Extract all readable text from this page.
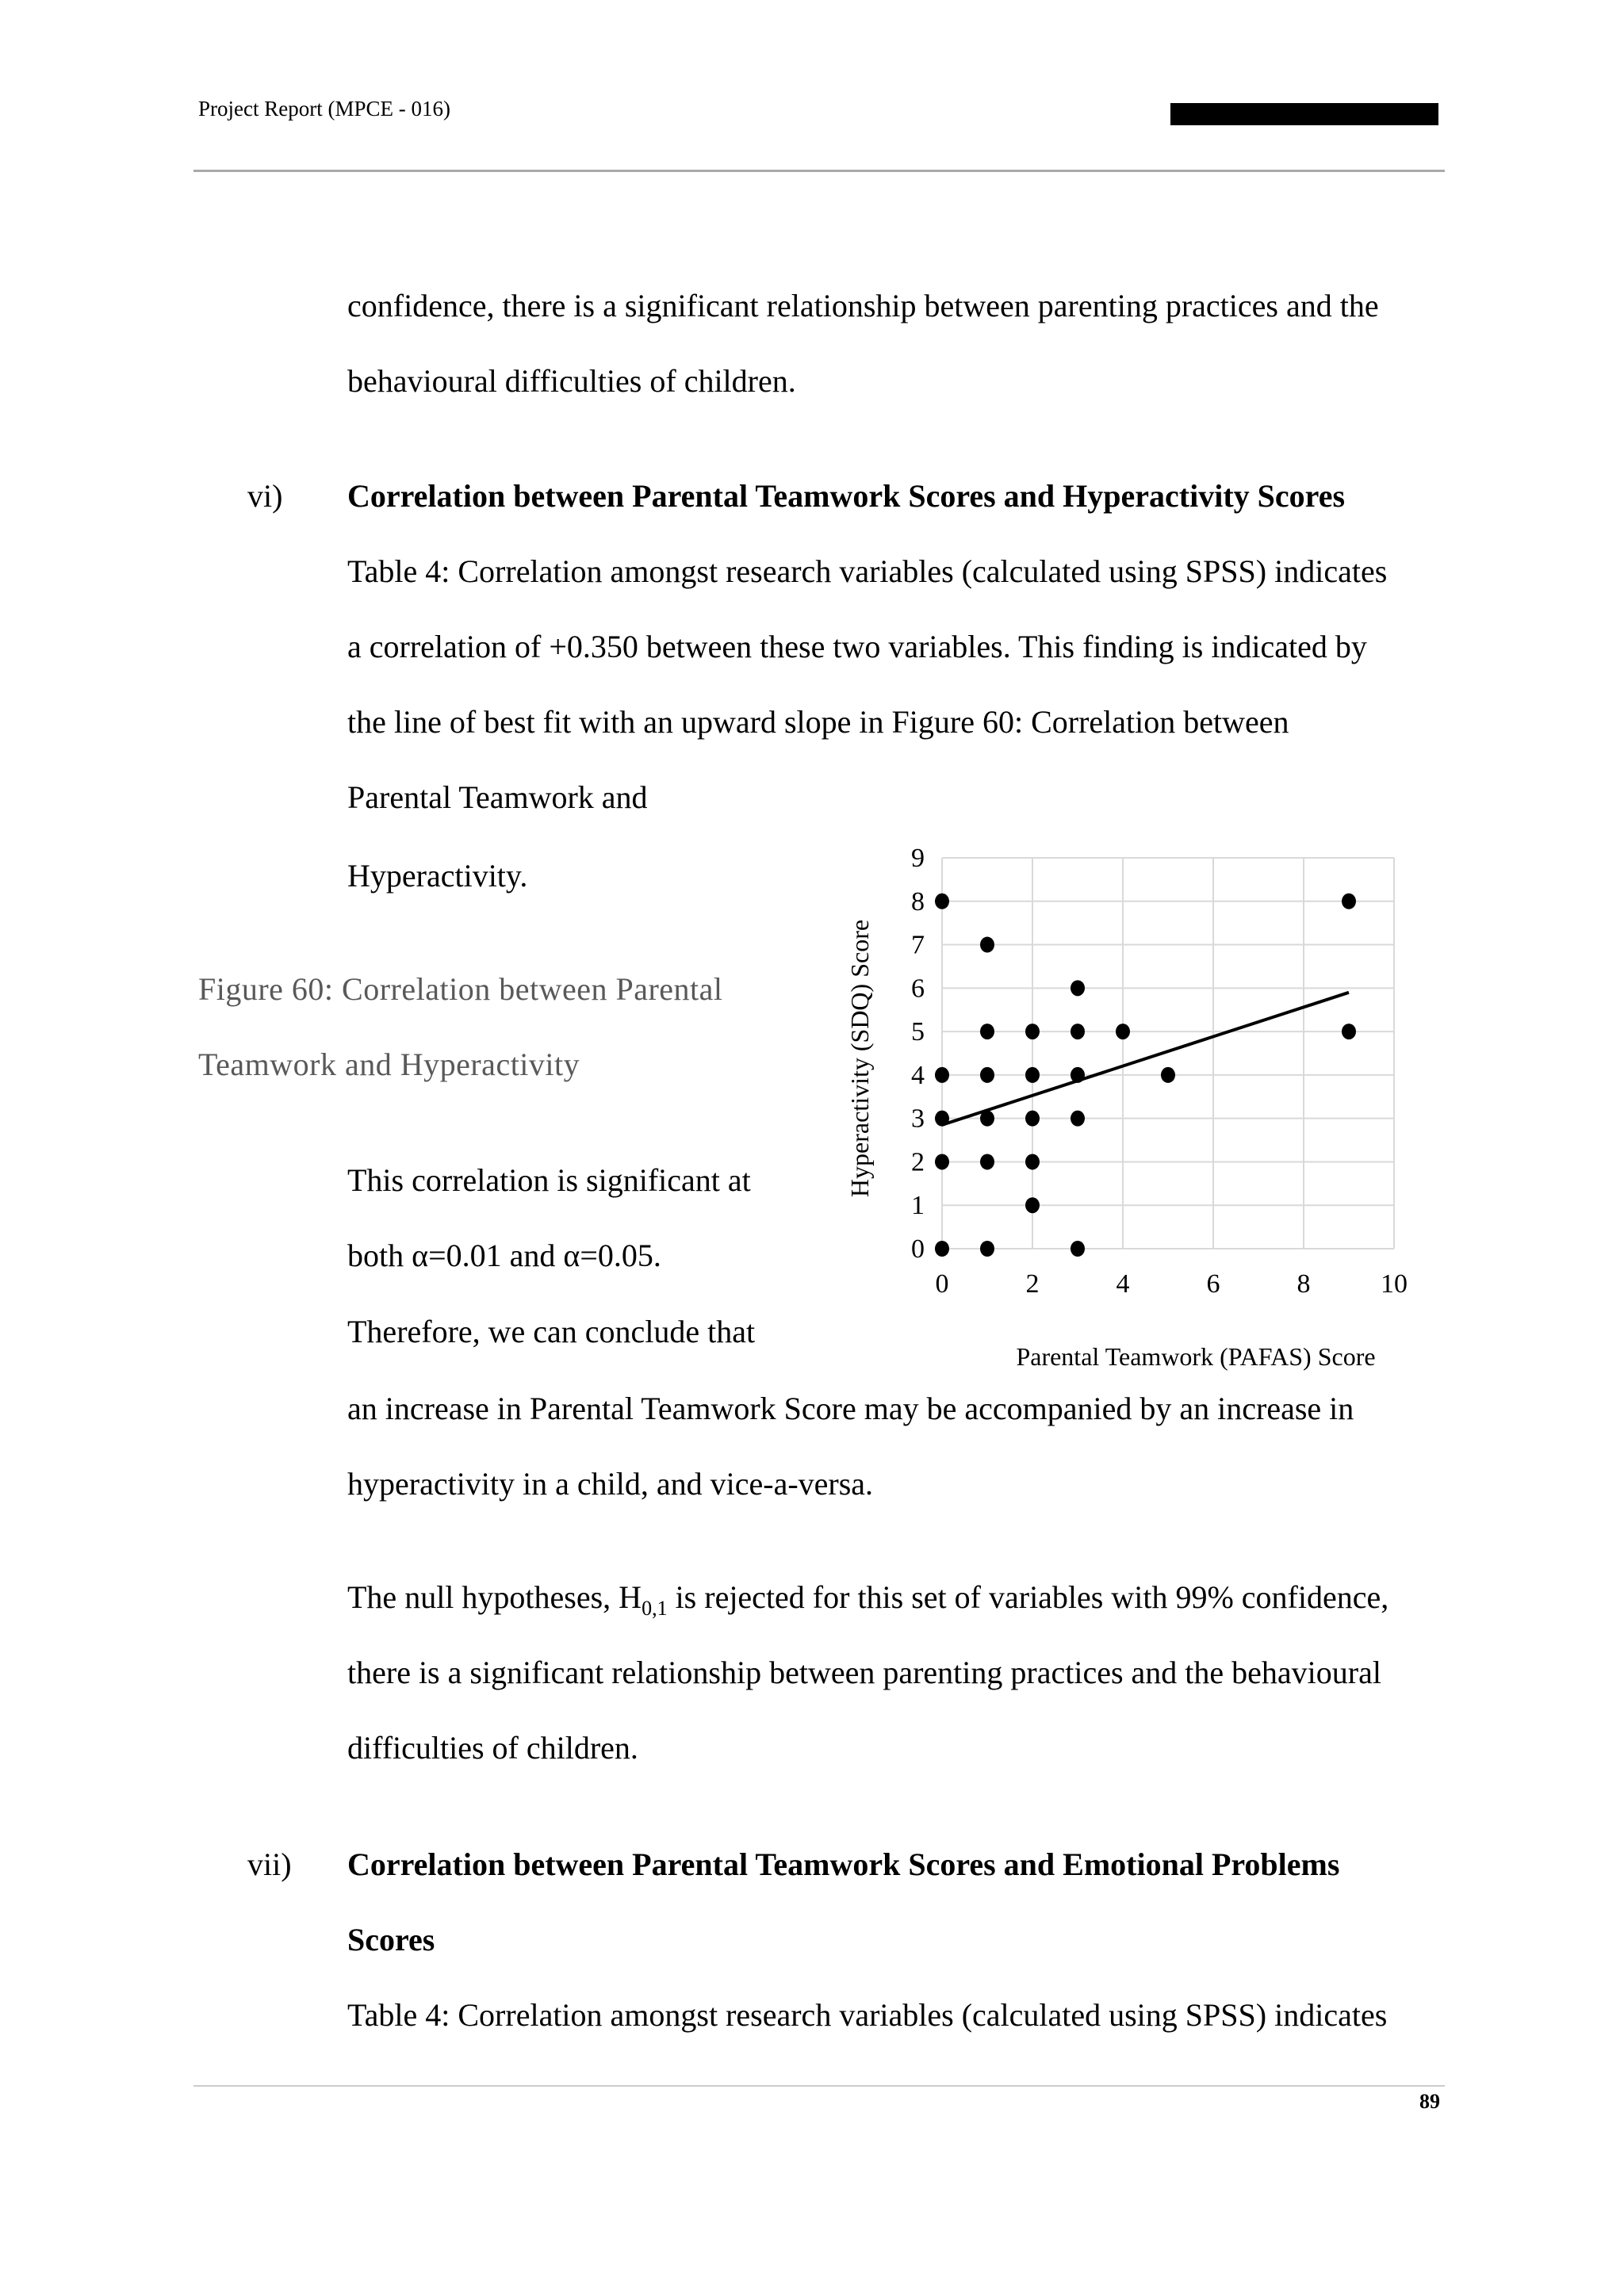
Project Report (MPCE - 016)
confidence, there is a significant relationship between parenting practices and the
behavioural difficulties of children.
vi) Correlation between Parental Teamwork Scores and Hyperactivity Scores
Table 4: Correlation amongst research variables (calculated using SPSS) indicates
a correlation of +0.350 between these two variables. This finding is indicated by
the line of best fit with an upward slope in Figure 60: Correlation between
Parental Teamwork and
Hyperactivity.
Figure 60: Correlation between Parental
Teamwork and Hyperactivity
This correlation is significant at
both α=0.01 and α=0.05.
Therefore, we can conclude that
an increase in Parental Teamwork Score may be accompanied by an increase in
hyperactivity in a child, and vice-a-versa.
The null hypotheses, $H_{0,1}$ is rejected for this set of variables with 99% confidence,
there is a significant relationship between parenting practices and the behavioural
difficulties of children.
vii) Correlation between Parental Teamwork Scores and Emotional Problems
Scores
Table 4: Correlation amongst research variables (calculated using SPSS) indicates
89
0
1
2
3
4
5
6
7
8
9
0	2	4	6	8	10
Hyperactivity (SDQ) Score
Parental Teamwork (PAFAS) Score
